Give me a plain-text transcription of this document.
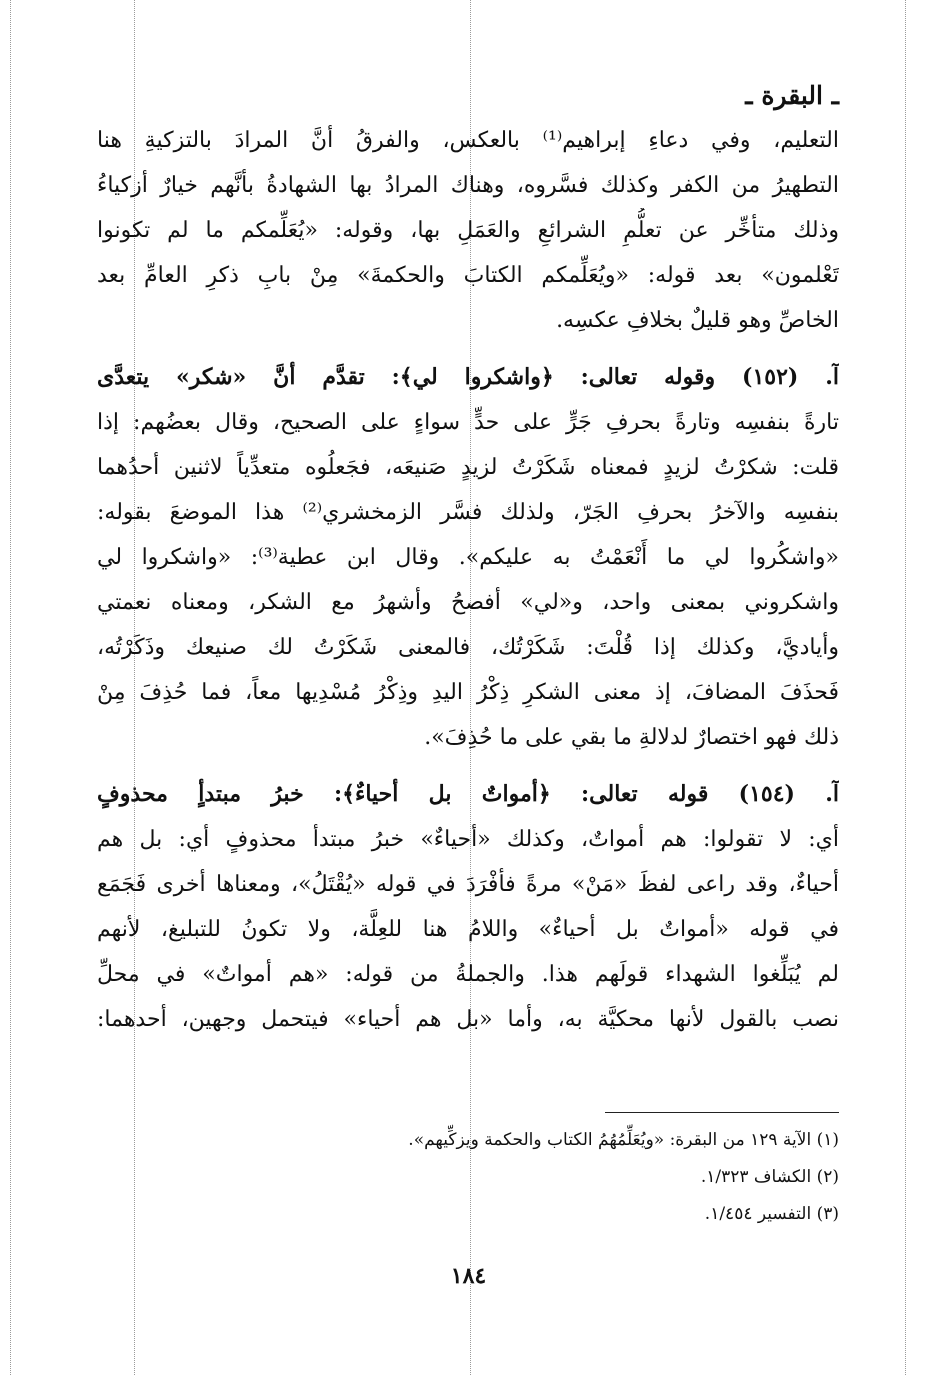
ـ البقرة ـ
التعليم، وفي دعاءِ إبراهيم⁽¹⁾ بالعكس، والفرقُ أنَّ المرادَ بالتزكيةِ هنا
التطهيرُ من الكفر وكذلك فسَّروه، وهناك المرادُ بها الشهادةُ بأنَّهم خيارٌ أزكياءُ
وذلك متأخِّر عن تعلُّمِ الشرائعِ والعَمَلِ بها، وقوله: «يُعَلِّمكم ما لم تكونوا
تَعْلمون» بعد قوله: «ويُعَلِّمكم الكتابَ والحكمةَ» مِنْ بابِ ذكرِ العامِّ بعد
الخاصِّ وهو قليلٌ بخلافِ عكسِه.
آ. (١٥٢) وقوله تعالى: ﴿واشكروا لي﴾: تقدَّم أنَّ «شكر» يتعدَّى
تارةً بنفسِه وتارةً بحرفِ جَرٍّ على حدٍّ سواءٍ على الصحيح، وقال بعضُهم: إذا
قلت: شكرْتُ لزيدٍ فمعناه شَكَرْتُ لزيدٍ صَنيعَه، فجَعلُوه متعدِّياً لاثنين أحدُهما
بنفسِه والآخرُ بحرفِ الجَرّ، ولذلك فسَّر الزمخشري⁽²⁾ هذا الموضعَ بقوله:
«واشكُروا لي ما أَنْعَمْتُ به عليكم». وقال ابن عطية⁽³⁾: «واشكروا لي
واشكروني بمعنى واحد، و«لي» أفصحُ وأشهرُ مع الشكر، ومعناه نعمتي
وأياديَّ، وكذلك إذا قُلْتَ: شَكَرْتُك، فالمعنى شَكَرْتُ لك صنيعك وذَكَرْتُه،
فَحذَفَ المضافَ، إذ معنى الشكرِ ذِكْرُ اليدِ وذِكْرُ مُسْدِيها معاً، فما حُذِفَ مِنْ
ذلك فهو اختصارٌ لدلالةِ ما بقي على ما حُذِفَ».
آ. (١٥٤) قوله تعالى: ﴿أمواتٌ بل أحياءٌ﴾: خبرُ مبتدأٍ محذوفٍ
أي: لا تقولوا: هم أمواتٌ، وكذلك «أحياءٌ» خبرُ مبتدأ محذوفٍ أي: بل هم
أحياءٌ، وقد راعى لفظَ «مَنْ» مرةً فأفْرَدَ في قوله «يُقْتَلُ»، ومعناها أخرى فَجَمَع
في قوله «أمواتٌ بل أحياءٌ» واللامُ هنا للعِلَّة، ولا تكونُ للتبليغ، لأنهم
لم يُبَلِّغوا الشهداء قولَهم هذا. والجملةُ من قوله: «هم أمواتٌ» في محلِّ
نصب بالقول لأنها محكيَّة به، وأما «بل هم أحياء» فيتحمل وجهين، أحدهما:
(١) الآية ١٢٩ من البقرة: «ويُعَلِّمُهُمُ الكتاب والحكمة ويزكِّيهم».
(٢) الكشاف ١/٣٢٣.
(٣) التفسير ١/٤٥٤.
١٨٤
